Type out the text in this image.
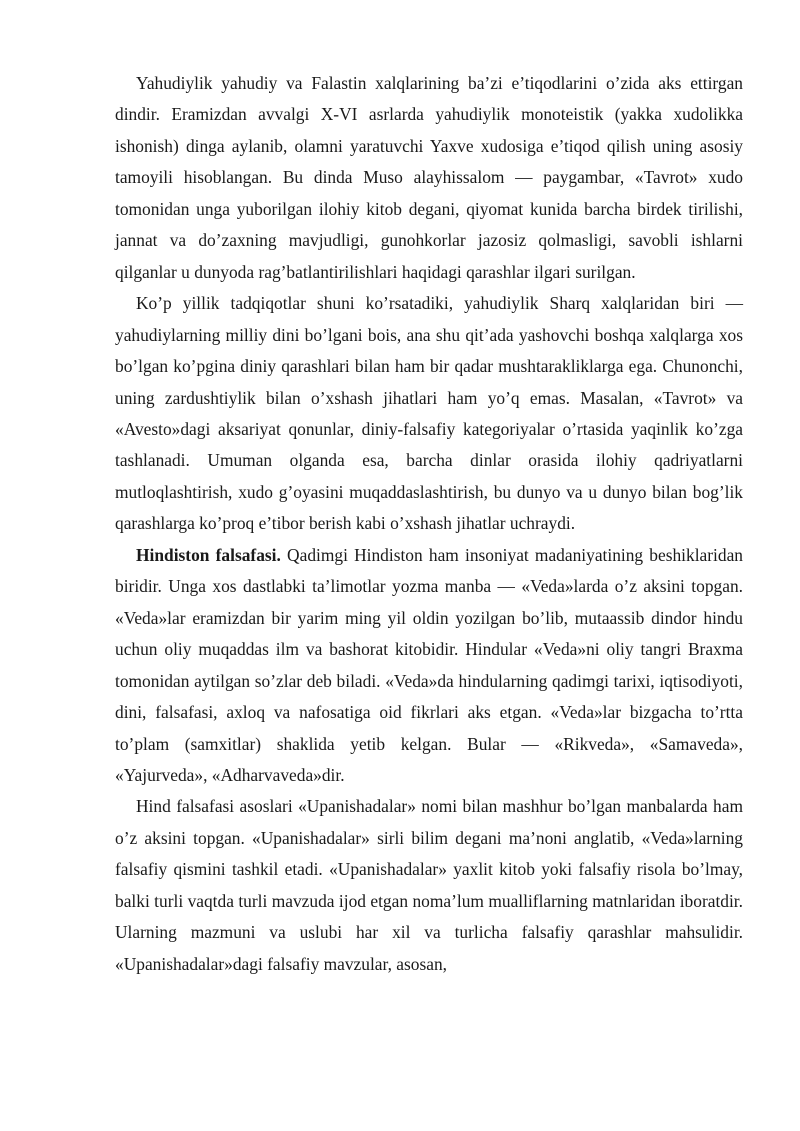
Yahudiylik yahudiy va Falastin xalqlarining ba’zi e’tiqodlarini o’zida aks ettirgan dindir. Eramizdan avvalgi X-VI asrlarda yahudiylik monoteistik (yakka xudolikka ishonish) dinga aylanib, olamni yaratuvchi Yaxve xudosiga e’tiqod qilish uning asosiy tamoyili hisoblangan. Bu dinda Muso alayhissalom — paygambar, «Tavrot» xudo tomonidan unga yuborilgan ilohiy kitob degani, qiyomat kunida barcha birdek tirilishi, jannat va do’zaxning mavjudligi, gunohkorlar jazosiz qolmasligi, savobli ishlarni qilganlar u dunyoda rag’batlantirilishlari haqidagi qarashlar ilgari surilgan.

Ko’p yillik tadqiqotlar shuni ko’rsatadiki, yahudiylik Sharq xalqlaridan biri — yahudiylarning milliy dini bo’lgani bois, ana shu qit’ada yashovchi boshqa xalqlarga xos bo’lgan ko’pgina diniy qarashlari bilan ham bir qadar mushtarakliklarga ega. Chunonchi, uning zardushtiylik bilan o’xshash jihatlari ham yo’q emas. Masalan, «Tavrot» va «Avesto»dagi aksariyat qonunlar, diniy-falsafiy kategoriyalar o’rtasida yaqinlik ko’zga tashlanadi. Umuman olganda esa, barcha dinlar orasida ilohiy qadriyatlarni mutloqlashtirish, xudo g’oyasini muqaddaslashtirish, bu dunyo va u dunyo bilan bog’lik qarashlarga ko’proq e’tibor berish kabi o’xshash jihatlar uchraydi.

Hindiston falsafasi. Qadimgi Hindiston ham insoniyat madaniyatining beshiklaridan biridir. Unga xos dastlabki ta’limotlar yozma manba — «Veda»larda o’z aksini topgan. «Veda»lar eramizdan bir yarim ming yil oldin yozilgan bo’lib, mutaassib dindor hindu uchun oliy muqaddas ilm va bashorat kitobidir. Hindular «Veda»ni oliy tangri Braxma tomonidan aytilgan so’zlar deb biladi. «Veda»da hindularning qadimgi tarixi, iqtisodiyoti, dini, falsafasi, axloq va nafosatiga oid fikrlari aks etgan. «Veda»lar bizgacha to’rtta to’plam (samxitlar) shaklida yetib kelgan. Bular — «Rikveda», «Samaveda», «Yajurveda», «Adharvaveda»dir.

Hind falsafasi asoslari «Upanishadalar» nomi bilan mashhur bo’lgan manbalarda ham o’z aksini topgan. «Upanishadalar» sirli bilim degani ma’noni anglatib, «Veda»larning falsafiy qismini tashkil etadi. «Upanishadalar» yaxlit kitob yoki falsafiy risola bo’lmay, balki turli vaqtda turli mavzuda ijod etgan noma’lum mualliflarning matnlaridan iboratdir. Ularning mazmuni va uslubi har xil va turlicha falsafiy qarashlar mahsulidir. «Upanishadalar»dagi falsafiy mavzular, asosan,
